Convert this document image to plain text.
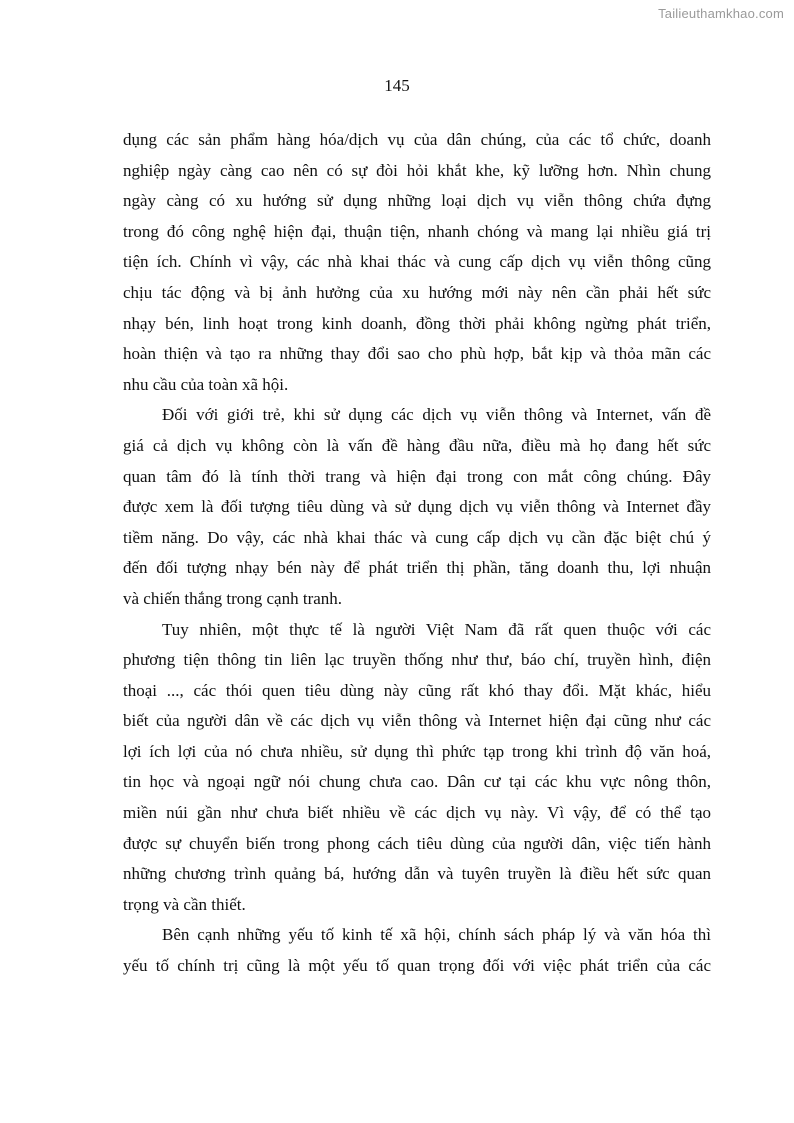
Tailieuthamkhao.com
145
dụng các sản phẩm hàng hóa/dịch vụ của dân chúng, của các tổ chức, doanh
nghiệp ngày càng cao nên có sự đòi hỏi khắt khe, kỹ lưỡng hơn. Nhìn chung
ngày càng có xu hướng sử dụng những loại dịch vụ viễn thông chứa đựng
trong đó công nghệ hiện đại, thuận tiện, nhanh chóng và mang lại nhiều giá trị
tiện ích. Chính vì vậy, các nhà khai thác và cung cấp dịch vụ viễn thông cũng
chịu tác động và bị ảnh hưởng của xu hướng mới này nên cần phải hết sức
nhạy bén, linh hoạt trong kinh doanh, đồng thời phải không ngừng phát triển,
hoàn thiện và tạo ra những thay đổi sao cho phù hợp, bắt kịp và thỏa mãn các
nhu cầu của toàn xã hội.
Đối với giới trẻ, khi sử dụng các dịch vụ viễn thông và Internet, vấn đề
giá cả dịch vụ không còn là vấn đề hàng đầu nữa, điều mà họ đang hết sức
quan tâm đó là tính thời trang và hiện đại trong con mắt công chúng. Đây
được xem là đối tượng tiêu dùng và sử dụng dịch vụ viễn thông và Internet đầy
tiềm năng. Do vậy, các nhà khai thác và cung cấp dịch vụ cần đặc biệt chú ý
đến đối tượng nhạy bén này để phát triển thị phần, tăng doanh thu, lợi nhuận
và chiến thắng trong cạnh tranh.
Tuy nhiên, một thực tế là người Việt Nam đã rất quen thuộc với các
phương tiện thông tin liên lạc truyền thống như thư, báo chí, truyền hình, điện
thoại ..., các thói quen tiêu dùng này cũng rất khó thay đổi. Mặt khác, hiểu
biết của người dân về các dịch vụ viễn thông và Internet hiện đại cũng như các
lợi ích lợi của nó chưa nhiều, sử dụng thì phức tạp trong khi trình độ văn hoá,
tin học và ngoại ngữ nói chung chưa cao. Dân cư tại các khu vực nông thôn,
miền núi gần như chưa biết nhiều về các dịch vụ này. Vì vậy, để có thể tạo
được sự chuyển biến trong phong cách tiêu dùng của người dân, việc tiến hành
những chương trình quảng bá, hướng dẫn và tuyên truyền là điều hết sức quan
trọng và cần thiết.
Bên cạnh những yếu tố kinh tế xã hội, chính sách pháp lý và văn hóa thì
yếu tố chính trị cũng là một yếu tố quan trọng đối với việc phát triển của các
